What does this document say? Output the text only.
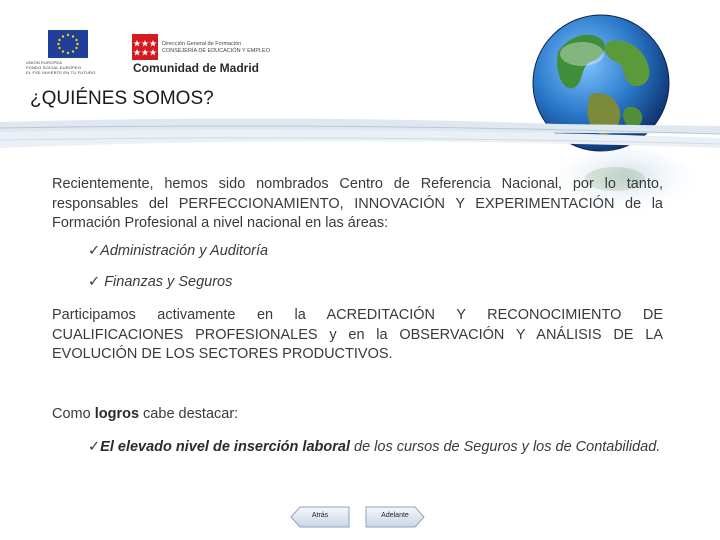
UNIÓN EUROPEA
FONDO SOCIAL EUROPEO
EL FSE INVIERTE EN TU FUTURO
Dirección General de Formación
CONSEJERÍA DE EDUCACIÓN Y EMPLEO
Comunidad de Madrid
¿QUIÉNES SOMOS?
Recientemente, hemos sido nombrados Centro de Referencia Nacional, por lo tanto, responsables del PERFECCIONAMIENTO, INNOVACIÓN Y EXPERIMENTACIÓN de la Formación Profesional a nivel nacional en las áreas:
✓Administración y Auditoría
✓ Finanzas y Seguros
Participamos activamente en la ACREDITACIÓN Y RECONOCIMIENTO DE CUALIFICACIONES PROFESIONALES y en la OBSERVACIÓN Y ANÁLISIS DE LA EVOLUCIÓN DE LOS SECTORES PRODUCTIVOS.
Como logros cabe destacar:
✓El elevado nivel de inserción laboral de los cursos de Seguros y los de Contabilidad.
Atrás	Adelante
